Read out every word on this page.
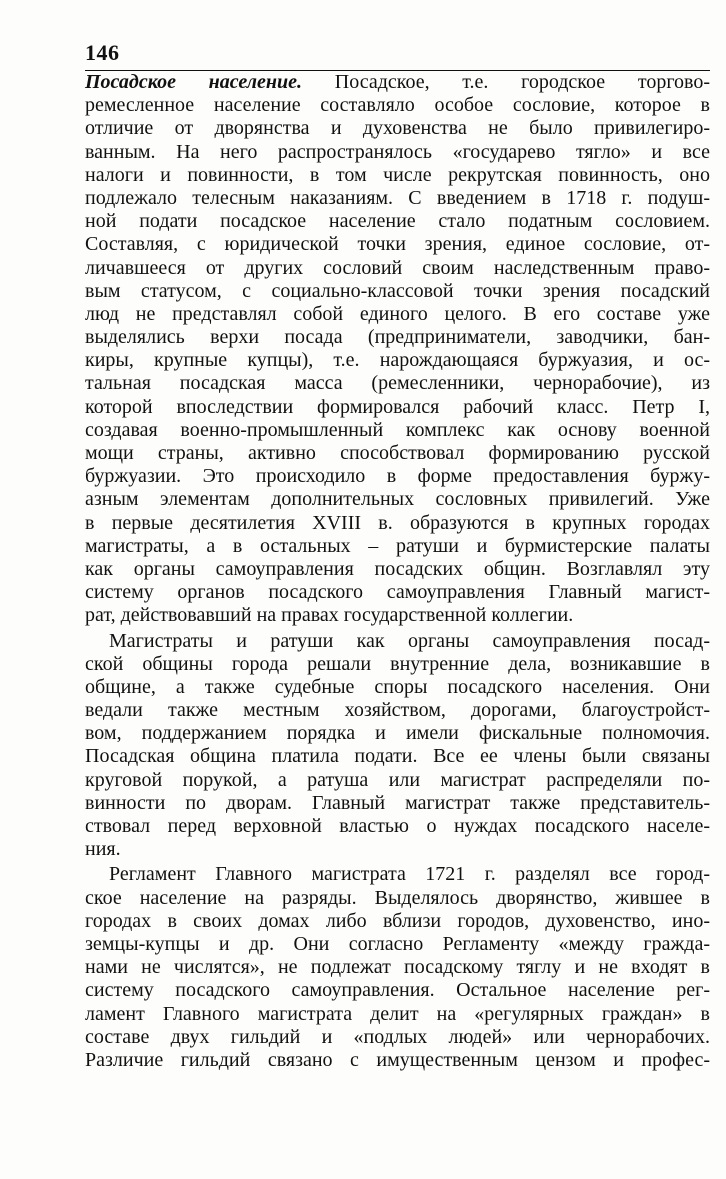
146
Посадское население. Посадское, т.е. городское торгово-
ремесленное население составляло особое сословие, которое в
отличие от дворянства и духовенства не было привилегиро-
ванным. На него распространялось «государево тягло» и все
налоги и повинности, в том числе рекрутская повинность, оно
подлежало телесным наказаниям. С введением в 1718 г. подуш-
ной подати посадское население стало податным сословием.
Составляя, с юридической точки зрения, единое сословие, от-
личавшееся от других сословий своим наследственным право-
вым статусом, с социально-классовой точки зрения посадский
люд не представлял собой единого целого. В его составе уже
выделялись верхи посада (предприниматели, заводчики, бан-
киры, крупные купцы), т.е. нарождающаяся буржуазия, и ос-
тальная посадская масса (ремесленники, чернорабочие), из
которой впоследствии формировался рабочий класс. Петр I,
создавая военно-промышленный комплекс как основу военной
мощи страны, активно способствовал формированию русской
буржуазии. Это происходило в форме предоставления буржу-
азным элементам дополнительных сословных привилегий. Уже
в первые десятилетия XVIII в. образуются в крупных городах
магистраты, а в остальных – ратуши и бурмистерские палаты
как органы самоуправления посадских общин. Возглавлял эту
систему органов посадского самоуправления Главный магист-
рат, действовавший на правах государственной коллегии.
Магистраты и ратуши как органы самоуправления посад-
ской общины города решали внутренние дела, возникавшие в
общине, а также судебные споры посадского населения. Они
ведали также местным хозяйством, дорогами, благоустройст-
вом, поддержанием порядка и имели фискальные полномочия.
Посадская община платила подати. Все ее члены были связаны
круговой порукой, а ратуша или магистрат распределяли по-
винности по дворам. Главный магистрат также представитель-
ствовал перед верховной властью о нуждах посадского населе-
ния.
Регламент Главного магистрата 1721 г. разделял все город-
ское население на разряды. Выделялось дворянство, жившее в
городах в своих домах либо вблизи городов, духовенство, ино-
земцы-купцы и др. Они согласно Регламенту «между гражда-
нами не числятся», не подлежат посадскому тяглу и не входят в
систему посадского самоуправления. Остальное население рег-
ламент Главного магистрата делит на «регулярных граждан» в
составе двух гильдий и «подлых людей» или чернорабочих.
Различие гильдий связано с имущественным цензом и профес-
